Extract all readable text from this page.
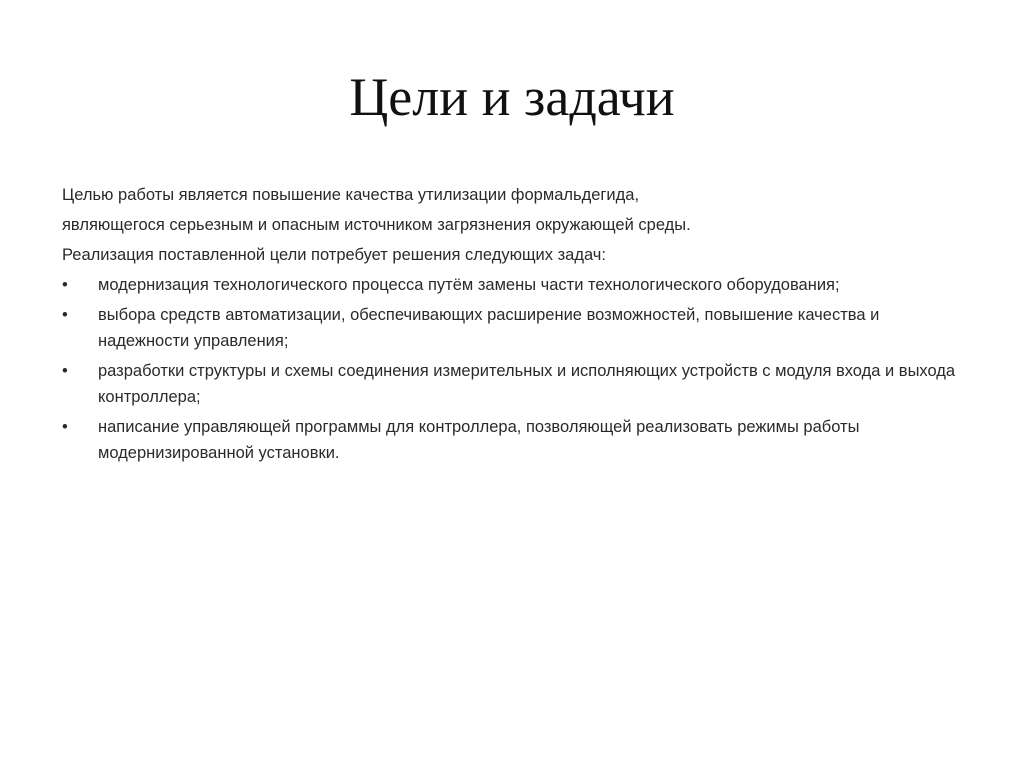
Цели и задачи

Целью работы является повышение качества утилизации формальдегида,

являющегося серьезным и опасным источником загрязнения окружающей среды.

Реализация поставленной цели потребует решения следующих задач:

•	модернизация технологического процесса путём замены части технологического оборудования;
•	выбора средств автоматизации, обеспечивающих расширение возможностей, повышение качества и надежности управления;
•	разработки структуры и схемы соединения измерительных и исполняющих устройств с модуля входа и выхода контроллера;
•	написание управляющей программы для контроллера, позволяющей реализовать режимы работы модернизированной установки.
